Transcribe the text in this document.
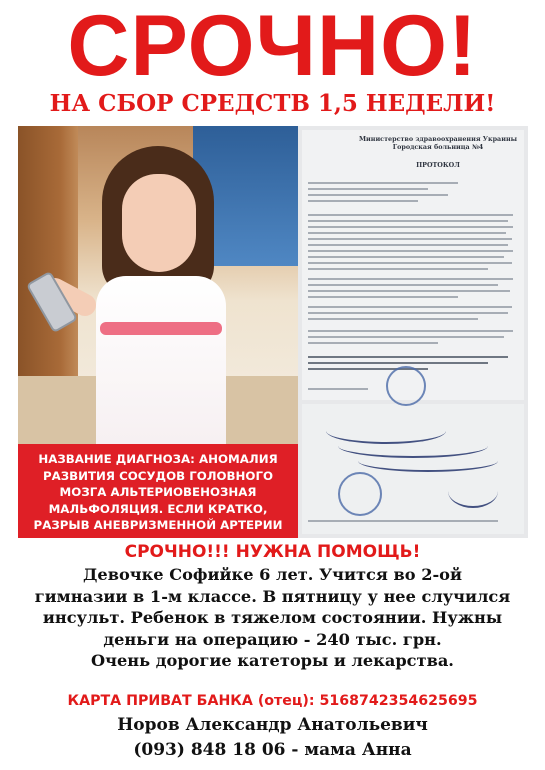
СРОЧНО!
НА СБОР СРЕДСТВ 1,5 НЕДЕЛИ!
НАЗВАНИЕ ДИАГНОЗА: АНОМАЛИЯ
РАЗВИТИЯ СОСУДОВ ГОЛОВНОГО
МОЗГА АЛЬТЕРИОВЕНОЗНАЯ
МАЛЬФОЛЯЦИЯ. ЕСЛИ КРАТКО,
РАЗРЫВ АНЕВРИЗМЕННОЙ АРТЕРИИ
Министерство здравоохранения Украины
Городская больница №4
ПРОТОКОЛ
СРОЧНО!!! НУЖНА ПОМОЩЬ!
Девочке Софийке 6 лет. Учится во 2-ой
гимназии в 1-м классе. В пятницу у нее случился
инсульт. Ребенок в тяжелом состоянии. Нужны
деньги на операцию - 240 тыс. грн.
Очень дорогие катеторы и лекарства.
КАРТА ПРИВАТ БАНКА (отец): 5168742354625695
Норов Александр Анатольевич
(093) 848 18 06 - мама Анна
